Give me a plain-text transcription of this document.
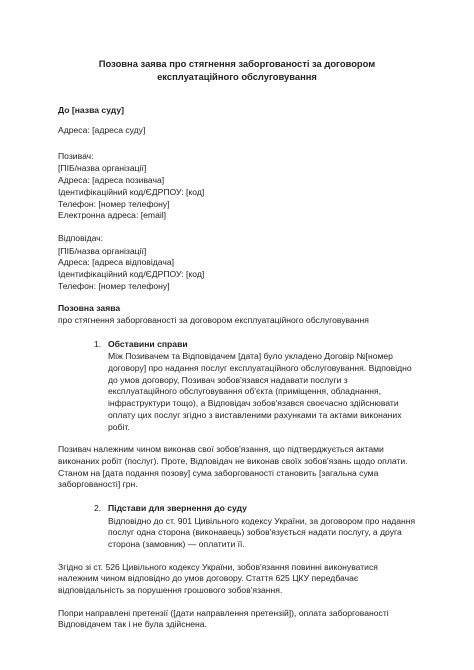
Позовна заява про стягнення заборгованості за договором
експлуатаційного обслуговування

До [назва суду]

Адреса: [адреса суду]

Позивач:

[ПІБ/назва організації]

Адреса: [адреса позивача]

Ідентифікаційний код/ЄДРПОУ: [код]

Телефон: [номер телефону]

Електронна адреса: [email]

Відповідач:

[ПІБ/назва організації]

Адреса: [адреса відповідача]

Ідентифікаційний код/ЄДРПОУ: [код]

Телефон: [номер телефону]

Позовна заява

про стягнення заборгованості за договором експлуатаційного обслуговування

1. Обставини справи
Між Позивачем та Відповідачем [дата] було укладено Договір №[номер договору] про надання послуг експлуатаційного обслуговування. Відповідно до умов договору, Позивач зобов'язався надавати послуги з експлуатаційного обслуговування об'єкта (приміщення, обладнання, інфраструктури тощо), а Відповідач зобов'язався своєчасно здійснювати оплату цих послуг згідно з виставленими рахунками та актами виконаних робіт.

Позивач належним чином виконав свої зобов'язання, що підтверджується актами виконаних робіт (послуг). Проте, Відповідач не виконав своїх зобов'язань щодо оплати. Станом на [дата подання позову] сума заборгованості становить [загальна сума заборгованості] грн.

2. Підстави для звернення до суду
Відповідно до ст. 901 Цивільного кодексу України, за договором про надання послуг одна сторона (виконавець) зобов'язується надати послугу, а друга сторона (замовник) — оплатити її.

Згідно зі ст. 526 Цивільного кодексу України, зобов'язання повинні виконуватися належним чином відповідно до умов договору. Стаття 625 ЦКУ передбачає відповідальність за порушення грошового зобов'язання.

Попри направлені претензії ([дати направлення претензій]), оплата заборгованості Відповідачем так і не була здійснена.
